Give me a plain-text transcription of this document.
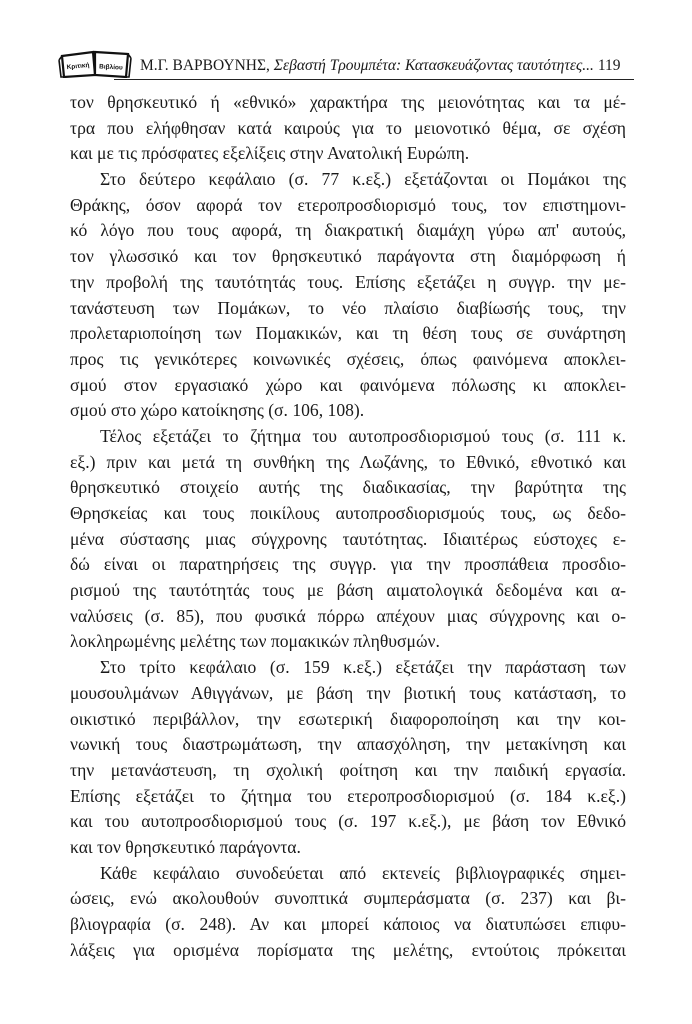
Κριτική Βιβλίου Μ.Γ. ΒΑΡΒΟΥΝΗΣ, Σεβαστή Τρουμπέτα: Κατασκευάζοντας ταυτότητες... 119
τον θρησκευτικό ή «εθνικό» χαρακτήρα της μειονότητας και τα μέ-
τρα που ελήφθησαν κατά καιρούς για το μειονοτικό θέμα, σε σχέση
και με τις πρόσφατες εξελίξεις στην Ανατολική Ευρώπη.
Στο δεύτερο κεφάλαιο (σ. 77 κ.εξ.) εξετάζονται οι Πομάκοι της
Θράκης, όσον αφορά τον ετεροπροσδιορισμό τους, τον επιστημονι-
κό λόγο που τους αφορά, τη διακρατική διαμάχη γύρω απ' αυτούς,
τον γλωσσικό και τον θρησκευτικό παράγοντα στη διαμόρφωση ή
την προβολή της ταυτότητάς τους. Επίσης εξετάζει η συγγρ. την με-
τανάστευση των Πομάκων, το νέο πλαίσιο διαβίωσής τους, την
προλεταριοποίηση των Πομακικών, και τη θέση τους σε συνάρτηση
προς τις γενικότερες κοινωνικές σχέσεις, όπως φαινόμενα αποκλει-
σμού στον εργασιακό χώρο και φαινόμενα πόλωσης κι αποκλει-
σμού στο χώρο κατοίκησης (σ. 106, 108).
Τέλος εξετάζει το ζήτημα του αυτοπροσδιορισμού τους (σ. 111 κ.
εξ.) πριν και μετά τη συνθήκη της Λωζάνης, το Εθνικό, εθνοτικό και
θρησκευτικό στοιχείο αυτής της διαδικασίας, την βαρύτητα της
Θρησκείας και τους ποικίλους αυτοπροσδιορισμούς τους, ως δεδο-
μένα σύστασης μιας σύγχρονης ταυτότητας. Ιδιαιτέρως εύστοχες ε-
δώ είναι οι παρατηρήσεις της συγγρ. για την προσπάθεια προσδιο-
ρισμού της ταυτότητάς τους με βάση αιματολογικά δεδομένα και α-
ναλύσεις (σ. 85), που φυσικά πόρρω απέχουν μιας σύγχρονης και ο-
λοκληρωμένης μελέτης των πομακικών πληθυσμών.
Στο τρίτο κεφάλαιο (σ. 159 κ.εξ.) εξετάζει την παράσταση των
μουσουλμάνων Αθιγγάνων, με βάση την βιοτική τους κατάσταση, το
οικιστικό περιβάλλον, την εσωτερική διαφοροποίηση και την κοι-
νωνική τους διαστρωμάτωση, την απασχόληση, την μετακίνηση και
την μετανάστευση, τη σχολική φοίτηση και την παιδική εργασία.
Επίσης εξετάζει το ζήτημα του ετεροπροσδιορισμού (σ. 184 κ.εξ.)
και του αυτοπροσδιορισμού τους (σ. 197 κ.εξ.), με βάση τον Εθνικό
και τον θρησκευτικό παράγοντα.
Κάθε κεφάλαιο συνοδεύεται από εκτενείς βιβλιογραφικές σημει-
ώσεις, ενώ ακολουθούν συνοπτικά συμπεράσματα (σ. 237) και βι-
βλιογραφία (σ. 248). Αν και μπορεί κάποιος να διατυπώσει επιφυ-
λάξεις για ορισμένα πορίσματα της μελέτης, εντούτοις πρόκειται
